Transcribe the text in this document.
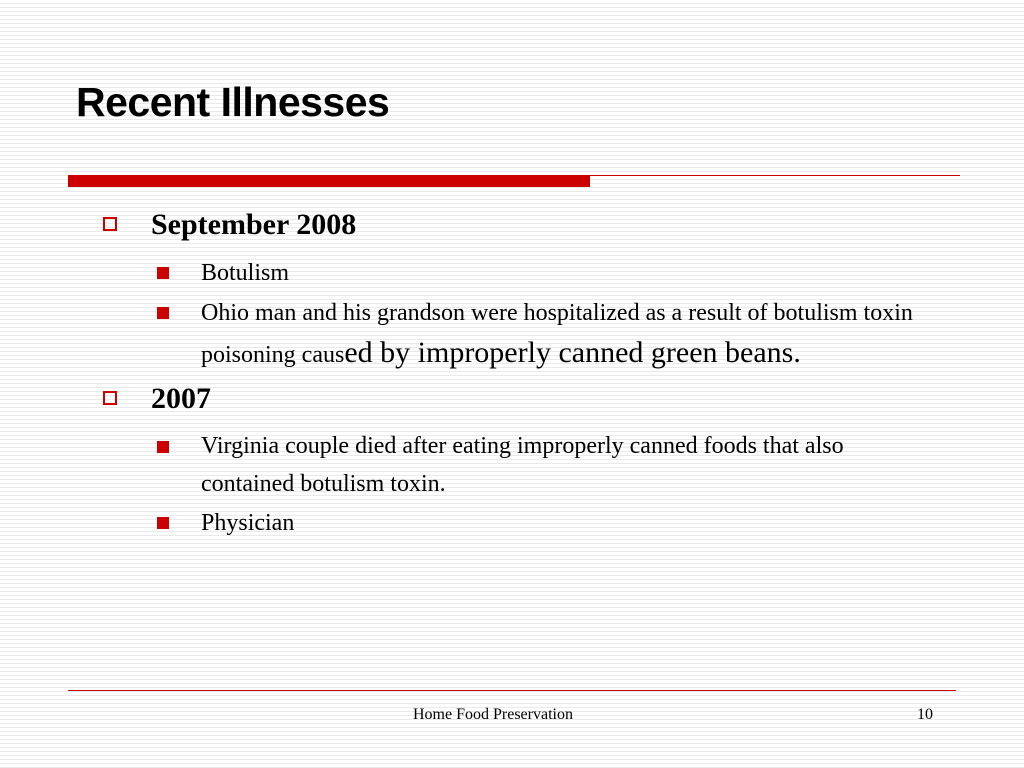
Recent Illnesses
September 2008
Botulism
Ohio man and his grandson were hospitalized as a result of botulism toxin poisoning caused by improperly canned green beans.
2007
Virginia couple died after eating improperly canned foods that also contained botulism toxin.
Physician
Home Food Preservation	10
